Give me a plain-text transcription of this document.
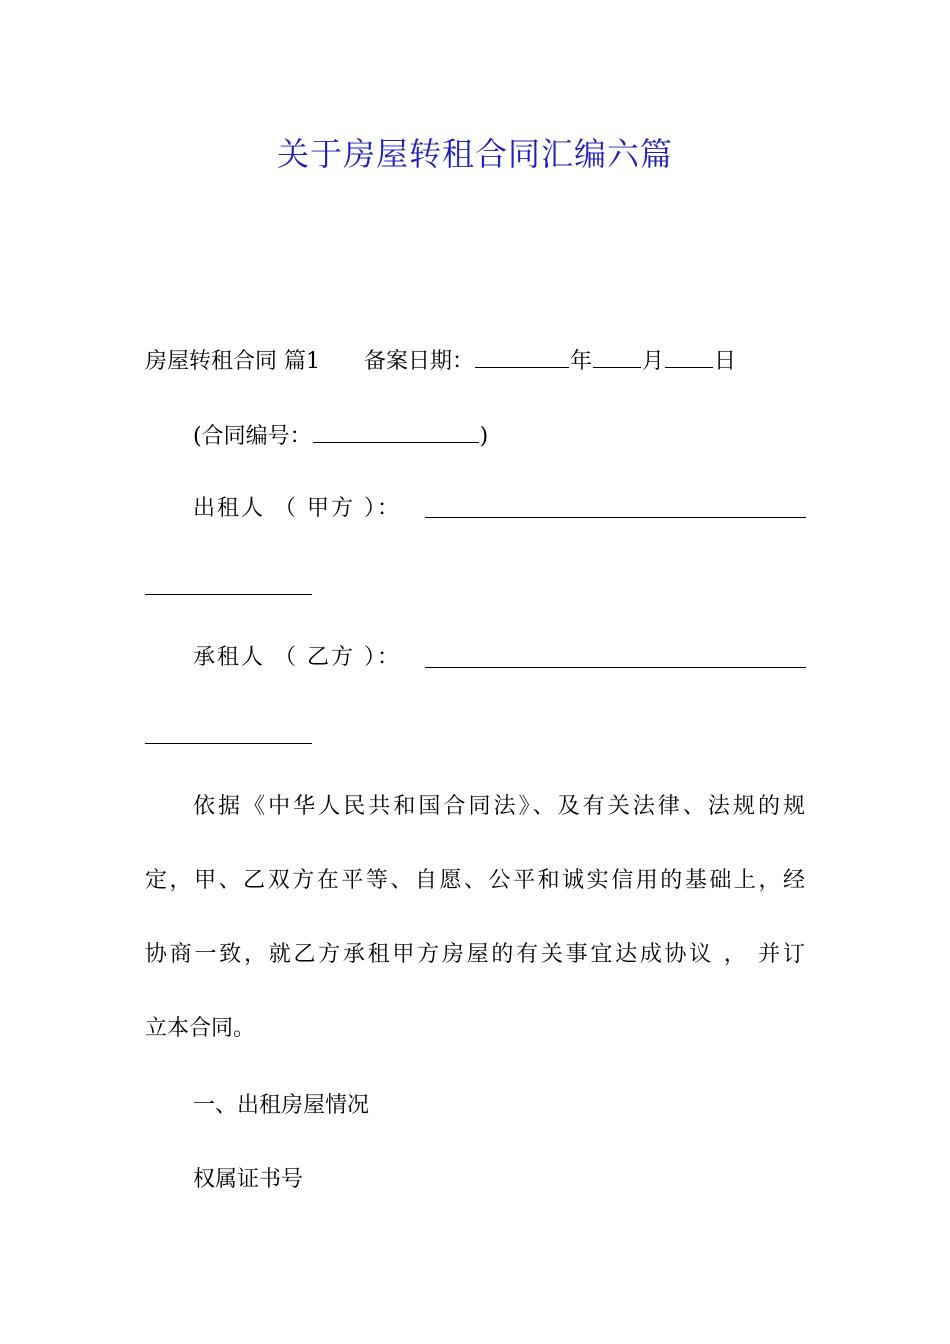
关于房屋转租合同汇编六篇
房屋转租合同 篇1 备案日期：	年 月 日
(合同编号：	)
出租人 （ 甲方 ）：
承租人 （ 乙方 ）：
依据《中华人民共和国合同法》、及有关法律、法规的规
定，甲、乙双方在平等、自愿、公平和诚实信用的基础上，经
协商一致，就乙方承租甲方房屋的有关事宜达成协议 ， 并订
立本合同。
一、出租房屋情况
权属证书号
